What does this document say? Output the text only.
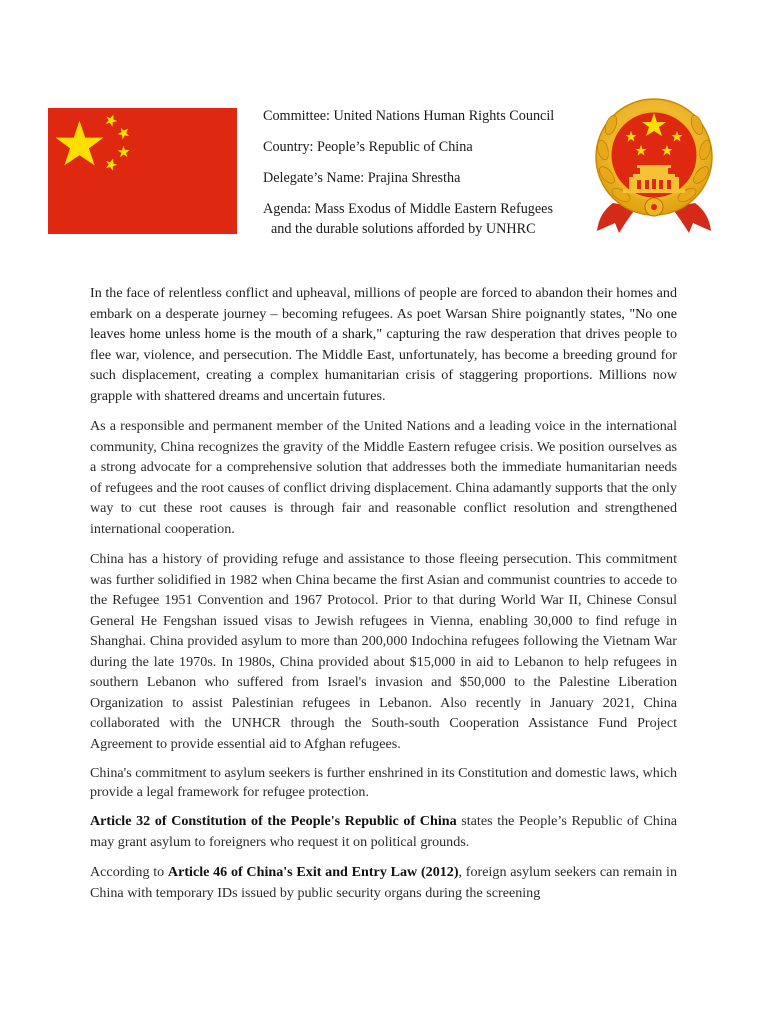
Committee: United Nations Human Rights Council
Country: People’s Republic of China
Delegate’s Name: Prajina Shrestha
Agenda: Mass Exodus of Middle Eastern Refugees
and the durable solutions afforded by UNHRC

In the face of relentless conflict and upheaval, millions of people are forced to abandon their homes and embark on a desperate journey – becoming refugees. As poet Warsan Shire poignantly states, "No one leaves home unless home is the mouth of a shark," capturing the raw desperation that drives people to flee war, violence, and persecution. The Middle East, unfortunately, has become a breeding ground for such displacement, creating a complex humanitarian crisis of staggering proportions. Millions now grapple with shattered dreams and uncertain futures.

As a responsible and permanent member of the United Nations and a leading voice in the international community, China recognizes the gravity of the Middle Eastern refugee crisis. We position ourselves as a strong advocate for a comprehensive solution that addresses both the immediate humanitarian needs of refugees and the root causes of conflict driving displacement. China adamantly supports that the only way to cut these root causes is through fair and reasonable conflict resolution and strengthened international cooperation.

China has a history of providing refuge and assistance to those fleeing persecution. This commitment was further solidified in 1982 when China became the first Asian and communist countries to accede to the Refugee 1951 Convention and 1967 Protocol. Prior to that during World War II, Chinese Consul General He Fengshan issued visas to Jewish refugees in Vienna, enabling 30,000 to find refuge in Shanghai. China provided asylum to more than 200,000 Indochina refugees following the Vietnam War during the late 1970s. In 1980s, China provided about $15,000 in aid to Lebanon to help refugees in southern Lebanon who suffered from Israel's invasion and $50,000 to the Palestine Liberation Organization to assist Palestinian refugees in Lebanon. Also recently in January 2021, China collaborated with the UNHCR through the South-south Cooperation Assistance Fund Project Agreement to provide essential aid to Afghan refugees.

China's commitment to asylum seekers is further enshrined in its Constitution and domestic laws, which provide a legal framework for refugee protection.

Article 32 of Constitution of the People's Republic of China states the People’s Republic of China may grant asylum to foreigners who request it on political grounds.

According to Article 46 of China's Exit and Entry Law (2012), foreign asylum seekers can remain in China with temporary IDs issued by public security organs during the screening
